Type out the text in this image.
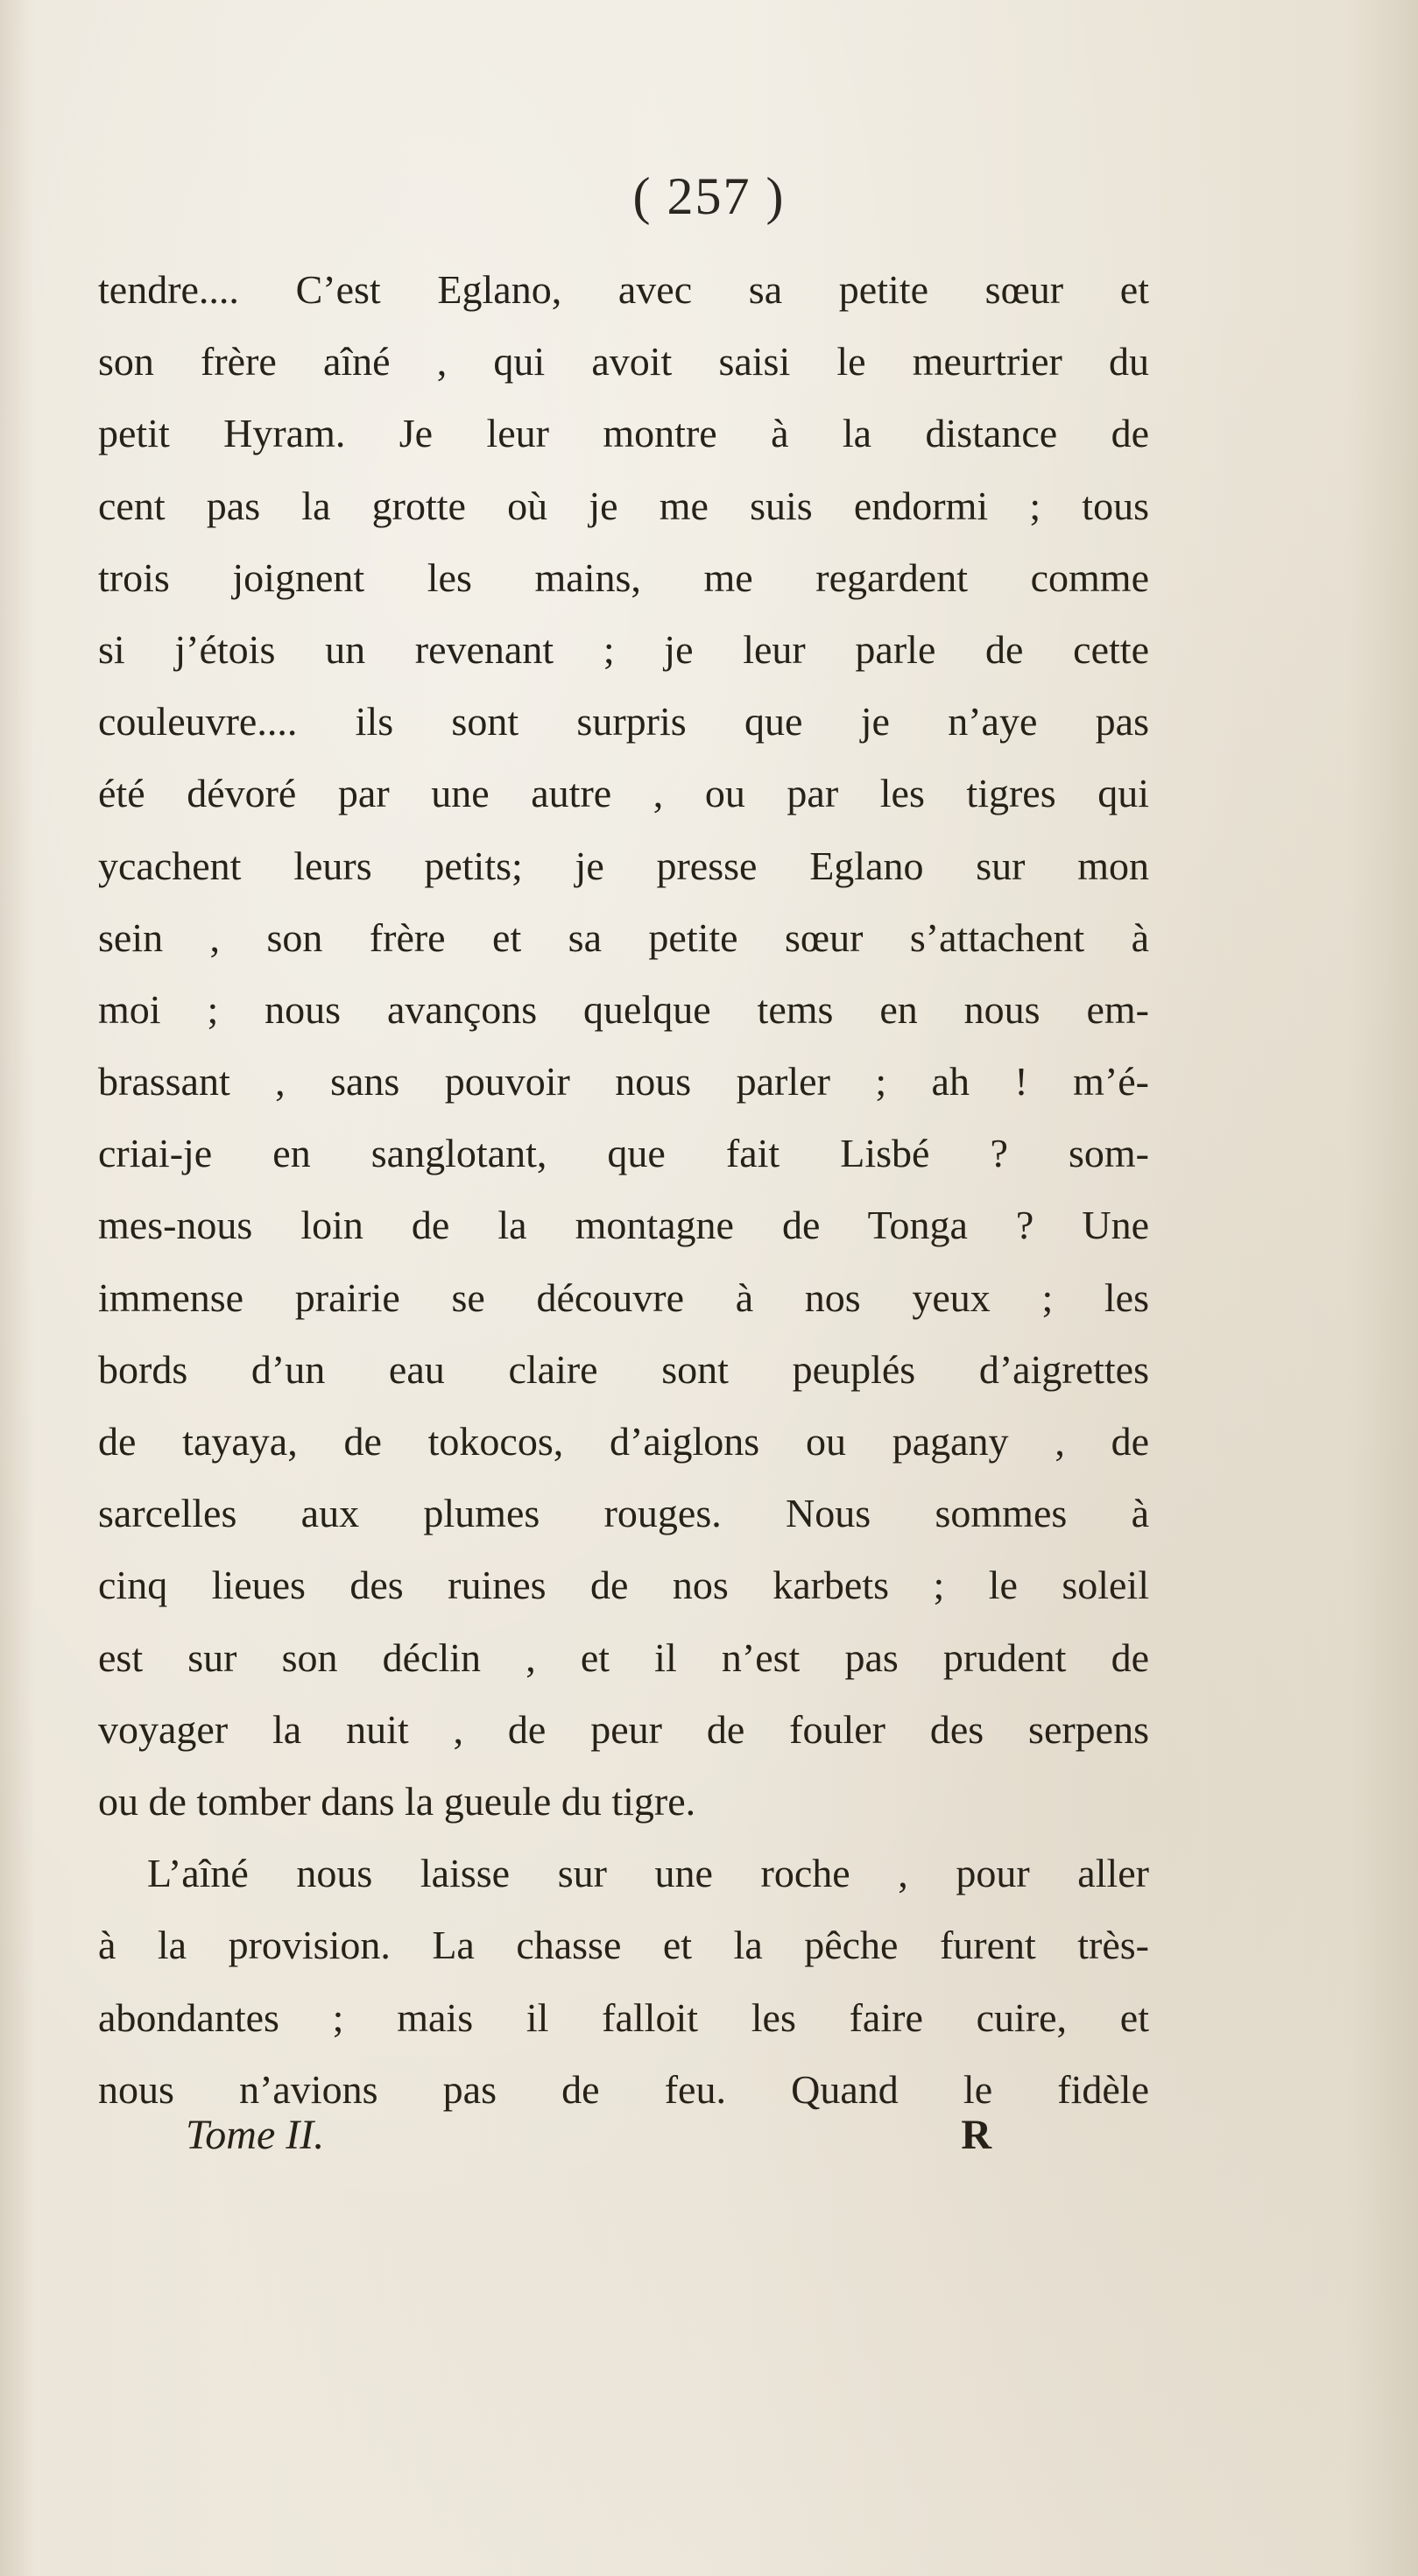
( 257 )
tendre.... C’est Eglano, avec sa petite sœur et
son frère aîné , qui avoit saisi le meurtrier du
petit Hyram. Je leur montre à la distance de
cent pas la grotte où je me suis endormi ; tous
trois joignent les mains, me regardent comme
si j’étois un revenant ; je leur parle de cette
couleuvre.... ils sont surpris que je n’aye pas
été dévoré par une autre , ou par les tigres qui
ycachent leurs petits; je presse Eglano sur mon
sein , son frère et sa petite sœur s’attachent à
moi ; nous avançons quelque tems en nous em-
brassant , sans pouvoir nous parler ; ah ! m’é-
criai-je en sanglotant, que fait Lisbé ? som-
mes-nous loin de la montagne de Tonga ? Une
immense prairie se découvre à nos yeux ; les
bords d’un eau claire sont peuplés d’aigrettes
de tayaya, de tokocos, d’aiglons ou pagany , de
sarcelles aux plumes rouges. Nous sommes à
cinq lieues des ruines de nos karbets ; le soleil
est sur son déclin , et il n’est pas prudent de
voyager la nuit , de peur de fouler des serpens
ou de tomber dans la gueule du tigre.
L’aîné nous laisse sur une roche , pour aller
à la provision. La chasse et la pêche furent très-
abondantes ; mais il falloit les faire cuire, et
nous n’avions pas de feu. Quand le fidèle
Tome II.	R
